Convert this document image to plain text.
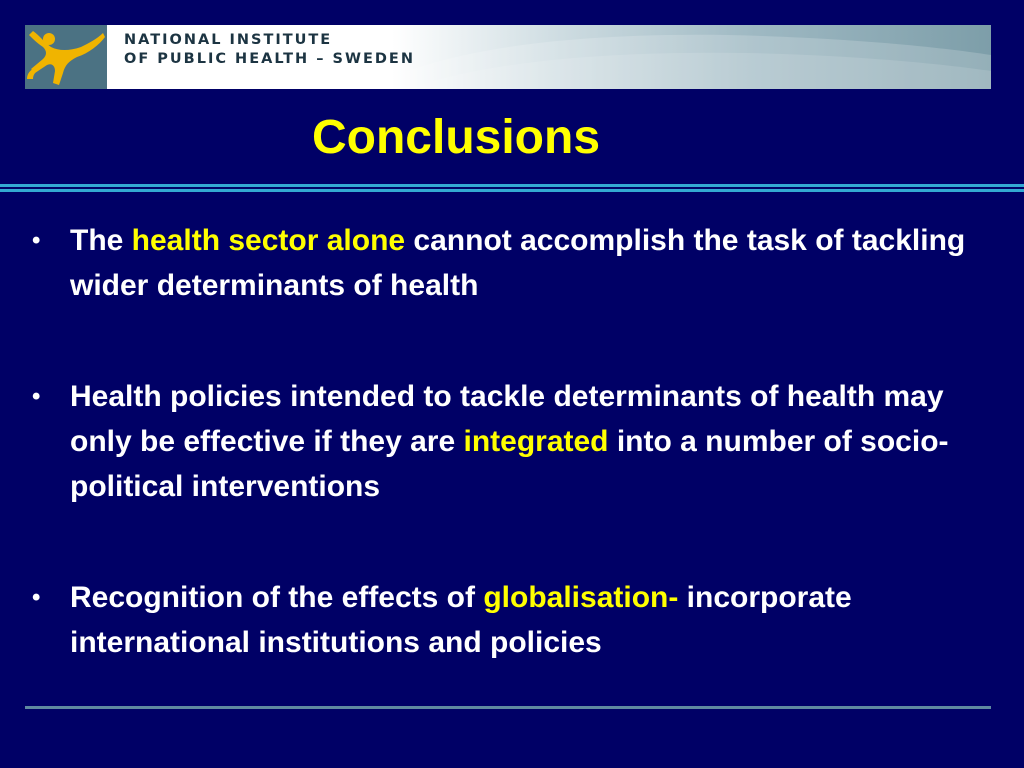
NATIONAL INSTITUTE
OF PUBLIC HEALTH – SWEDEN
Conclusions
• The health sector alone cannot accomplish the task of tackling wider determinants of health
• Health policies intended to tackle determinants of health may only be effective if they are integrated into a number of socio-political interventions
• Recognition of the effects of globalisation- incorporate international institutions and policies
